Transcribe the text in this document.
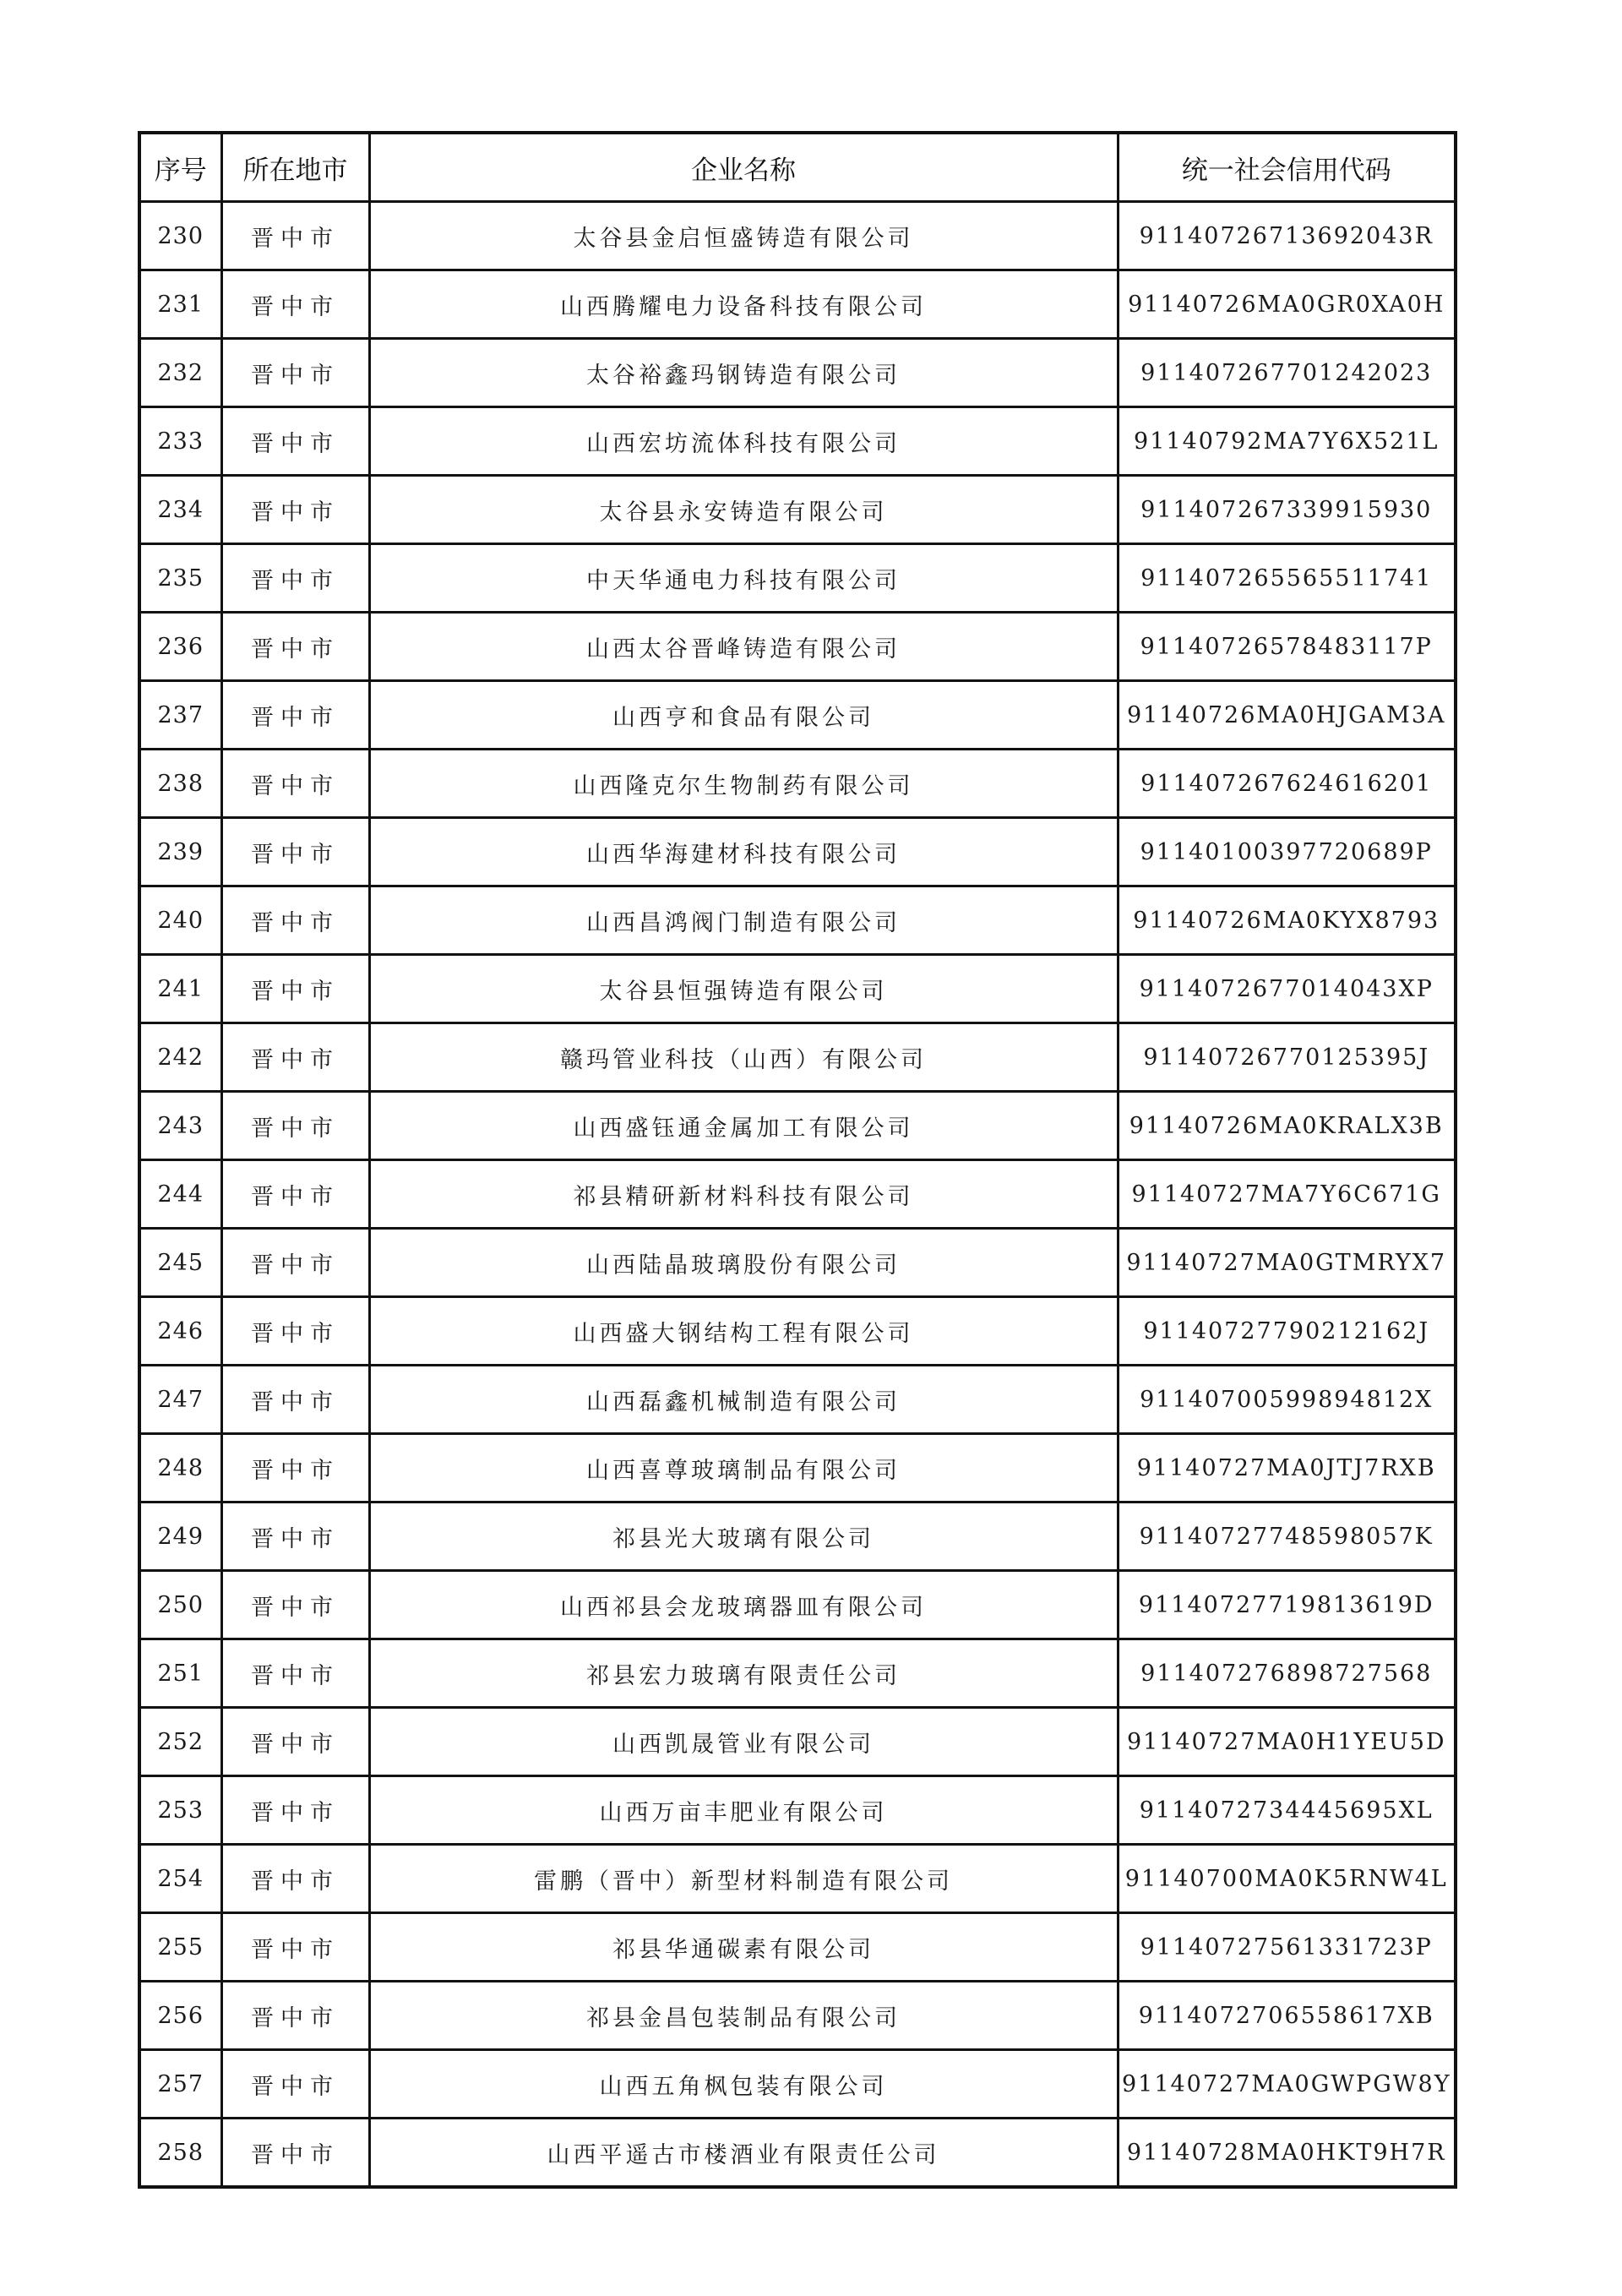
序号	所在地市	企业名称	统一社会信用代码
230	晋中市	太谷县金启恒盛铸造有限公司	91140726713692043R
231	晋中市	山西腾耀电力设备科技有限公司	91140726MA0GR0XA0H
232	晋中市	太谷裕鑫玛钢铸造有限公司	911407267701242023
233	晋中市	山西宏坊流体科技有限公司	91140792MA7Y6X521L
234	晋中市	太谷县永安铸造有限公司	911407267339915930
235	晋中市	中天华通电力科技有限公司	911407265565511741
236	晋中市	山西太谷晋峰铸造有限公司	91140726578483117P
237	晋中市	山西亨和食品有限公司	91140726MA0HJGAM3A
238	晋中市	山西隆克尔生物制药有限公司	911407267624616201
239	晋中市	山西华海建材科技有限公司	91140100397720689P
240	晋中市	山西昌鸿阀门制造有限公司	91140726MA0KYX8793
241	晋中市	太谷县恒强铸造有限公司	9114072677014043XP
242	晋中市	赣玛管业科技（山西）有限公司	91140726770125395J
243	晋中市	山西盛钰通金属加工有限公司	91140726MA0KRALX3B
244	晋中市	祁县精研新材料科技有限公司	91140727MA7Y6C671G
245	晋中市	山西陆晶玻璃股份有限公司	91140727MA0GTMRYX7
246	晋中市	山西盛大钢结构工程有限公司	91140727790212162J
247	晋中市	山西磊鑫机械制造有限公司	91140700599894812X
248	晋中市	山西喜尊玻璃制品有限公司	91140727MA0JTJ7RXB
249	晋中市	祁县光大玻璃有限公司	91140727748598057K
250	晋中市	山西祁县会龙玻璃器皿有限公司	91140727719813619D
251	晋中市	祁县宏力玻璃有限责任公司	911407276898727568
252	晋中市	山西凯晟管业有限公司	91140727MA0H1YEU5D
253	晋中市	山西万亩丰肥业有限公司	9114072734445695XL
254	晋中市	雷鹏（晋中）新型材料制造有限公司	91140700MA0K5RNW4L
255	晋中市	祁县华通碳素有限公司	91140727561331723P
256	晋中市	祁县金昌包装制品有限公司	9114072706558617XB
257	晋中市	山西五角枫包装有限公司	91140727MA0GWPGW8Y
258	晋中市	山西平遥古市楼酒业有限责任公司	91140728MA0HKT9H7R
